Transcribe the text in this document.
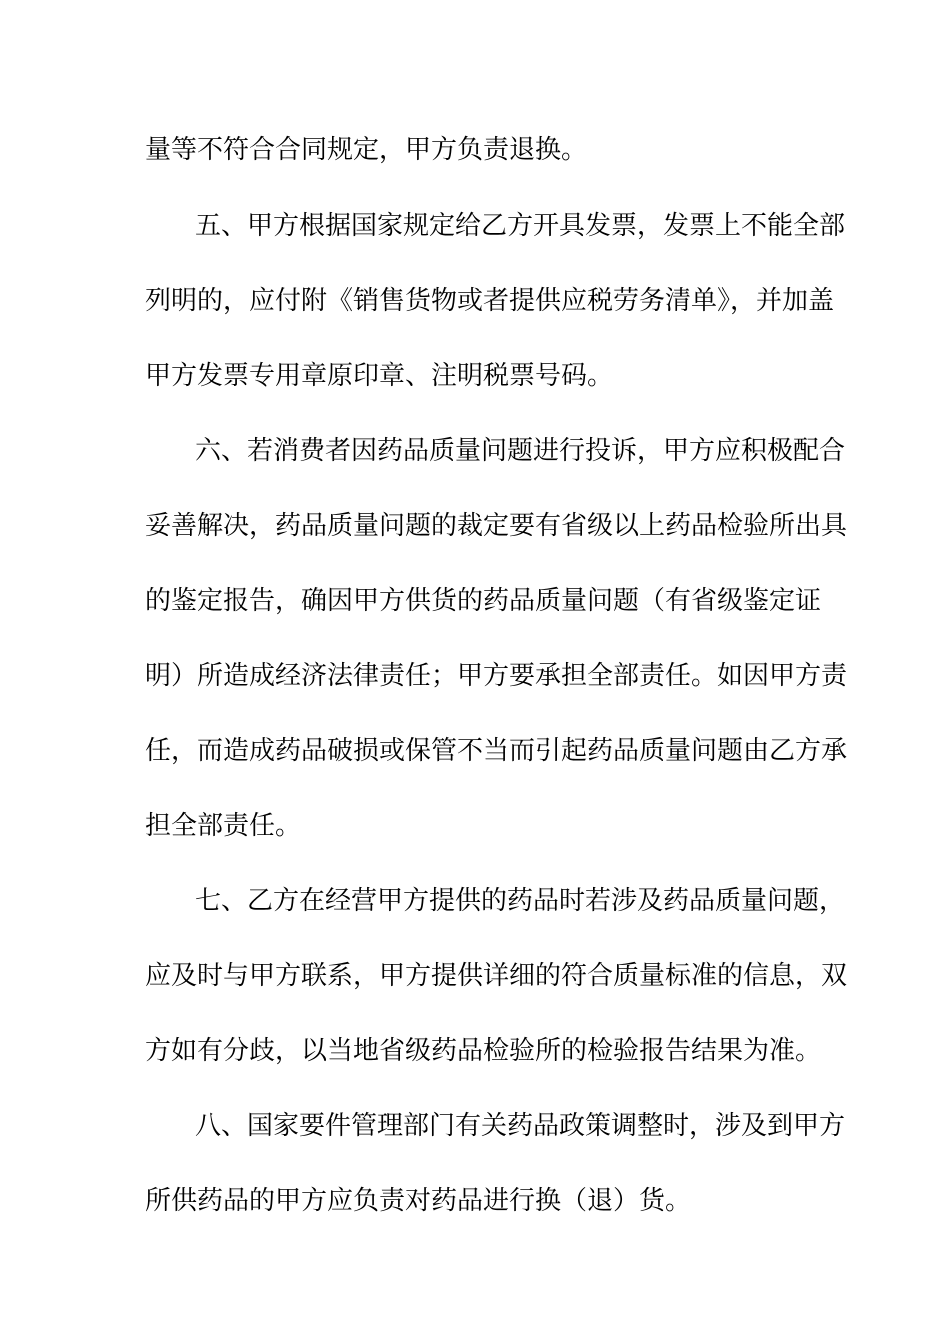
量等不符合合同规定，甲方负责退换。
五、甲方根据国家规定给乙方开具发票，发票上不能全部
列明的，应付附《销售货物或者提供应税劳务清单》，并加盖
甲方发票专用章原印章、注明税票号码。
六、若消费者因药品质量问题进行投诉，甲方应积极配合
妥善解决，药品质量问题的裁定要有省级以上药品检验所出具
的鉴定报告，确因甲方供货的药品质量问题（有省级鉴定证
明）所造成经济法律责任；甲方要承担全部责任。如因甲方责
任，而造成药品破损或保管不当而引起药品质量问题由乙方承
担全部责任。
七、乙方在经营甲方提供的药品时若涉及药品质量问题，
应及时与甲方联系，甲方提供详细的符合质量标准的信息，双
方如有分歧，以当地省级药品检验所的检验报告结果为准。
八、国家要件管理部门有关药品政策调整时，涉及到甲方
所供药品的甲方应负责对药品进行换（退）货。
